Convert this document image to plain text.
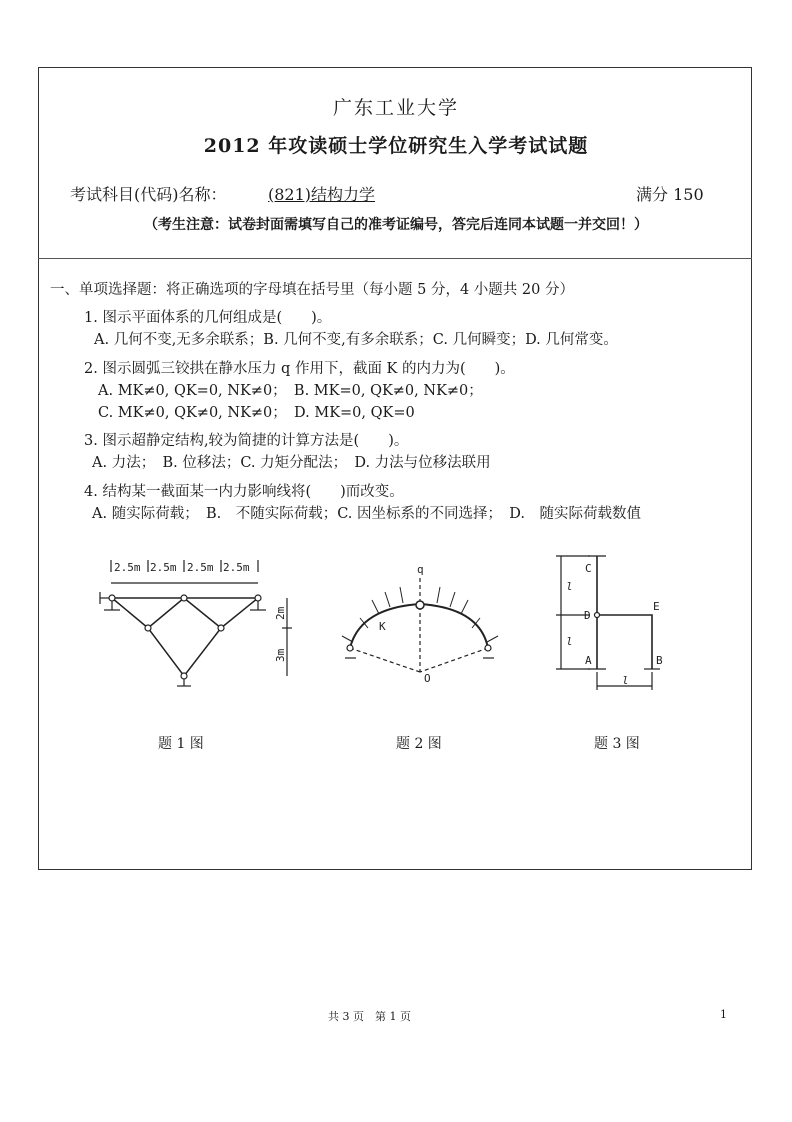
广东工业大学
2012 年攻读硕士学位研究生入学考试试题
考试科目(代码)名称：	(821)结构力学	满分 150
（考生注意：试卷封面需填写自己的准考证编号，答完后连同本试题一并交回！）
一、单项选择题：将正确选项的字母填在括号里（每小题 5 分，4 小题共 20 分）
1. 图示平面体系的几何组成是(　　)。
A. 几何不变,无多余联系；B. 几何不变,有多余联系；C. 几何瞬变；D. 几何常变。
2. 图示圆弧三铰拱在静水压力 q 作用下，截面 K 的内力为(　　)。
A. MK≠0, QK=0, NK≠0；　B. MK=0, QK≠0, NK≠0；
C. MK≠0, QK≠0, NK≠0；　D. MK=0, QK=0
3. 图示超静定结构,较为简捷的计算方法是(　　)。
A. 力法；　B. 位移法；C. 力矩分配法；　D. 力法与位移法联用
4. 结构某一截面某一内力影响线将(　　)而改变。
A. 随实际荷载；　B.　不随实际荷载；C. 因坐标系的不同选择；　D.　随实际荷载数值
2.5m 2.5m 2.5m 2.5m
2m
3m
q
K
O
C
D
E
A	B
l
l
l
题 1 图	题 2 图	题 3 图
共 3 页　第 1 页	1
